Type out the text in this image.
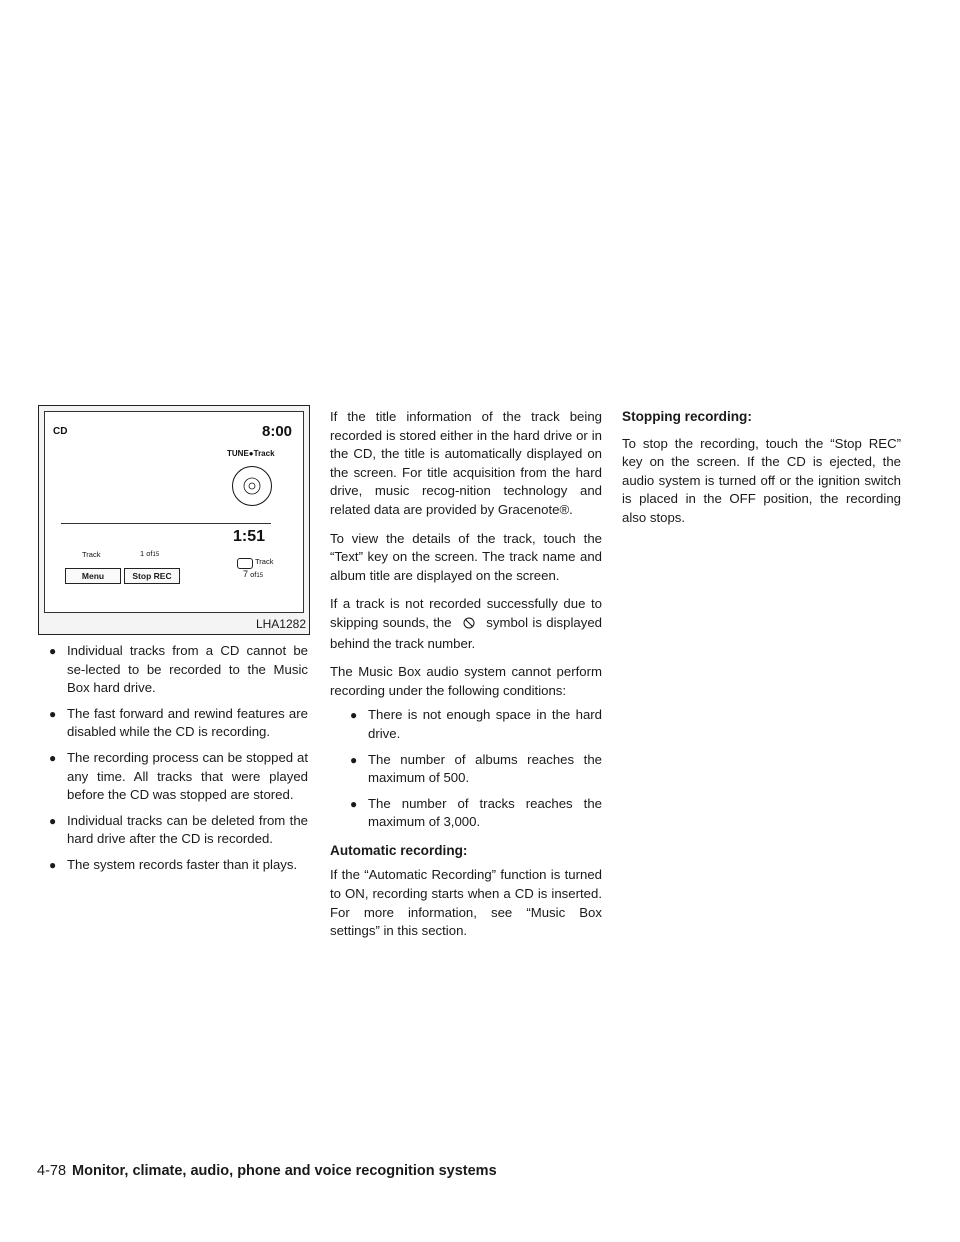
CD	8:00
TUNE●Track
1:51
Track	1 of15
Track
7 of15
Menu	Stop REC
LHA1282
● Individual tracks from a CD cannot be se-lected to be recorded to the Music Box hard drive.
● The fast forward and rewind features are disabled while the CD is recording.
● The recording process can be stopped at any time. All tracks that were played before the CD was stopped are stored.
● Individual tracks can be deleted from the hard drive after the CD is recorded.
● The system records faster than it plays.

If the title information of the track being recorded is stored either in the hard drive or in the CD, the title is automatically displayed on the screen. For title acquisition from the hard drive, music recog-nition technology and related data are provided by Gracenote®.

To view the details of the track, touch the “Text” key on the screen. The track name and album title are displayed on the screen.

If a track is not recorded successfully due to skipping sounds, the	symbol is displayed behind the track number.

The Music Box audio system cannot perform recording under the following conditions:

● There is not enough space in the hard drive.
● The number of albums reaches the maximum of 500.
● The number of tracks reaches the maximum of 3,000.
Automatic recording:

If the “Automatic Recording” function is turned to ON, recording starts when a CD is inserted. For more information, see “Music Box settings” in this section.

Stopping recording:

To stop the recording, touch the “Stop REC” key on the screen. If the CD is ejected, the audio system is turned off or the ignition switch is placed in the OFF position, the recording also stops.

4-78 Monitor, climate, audio, phone and voice recognition systems
